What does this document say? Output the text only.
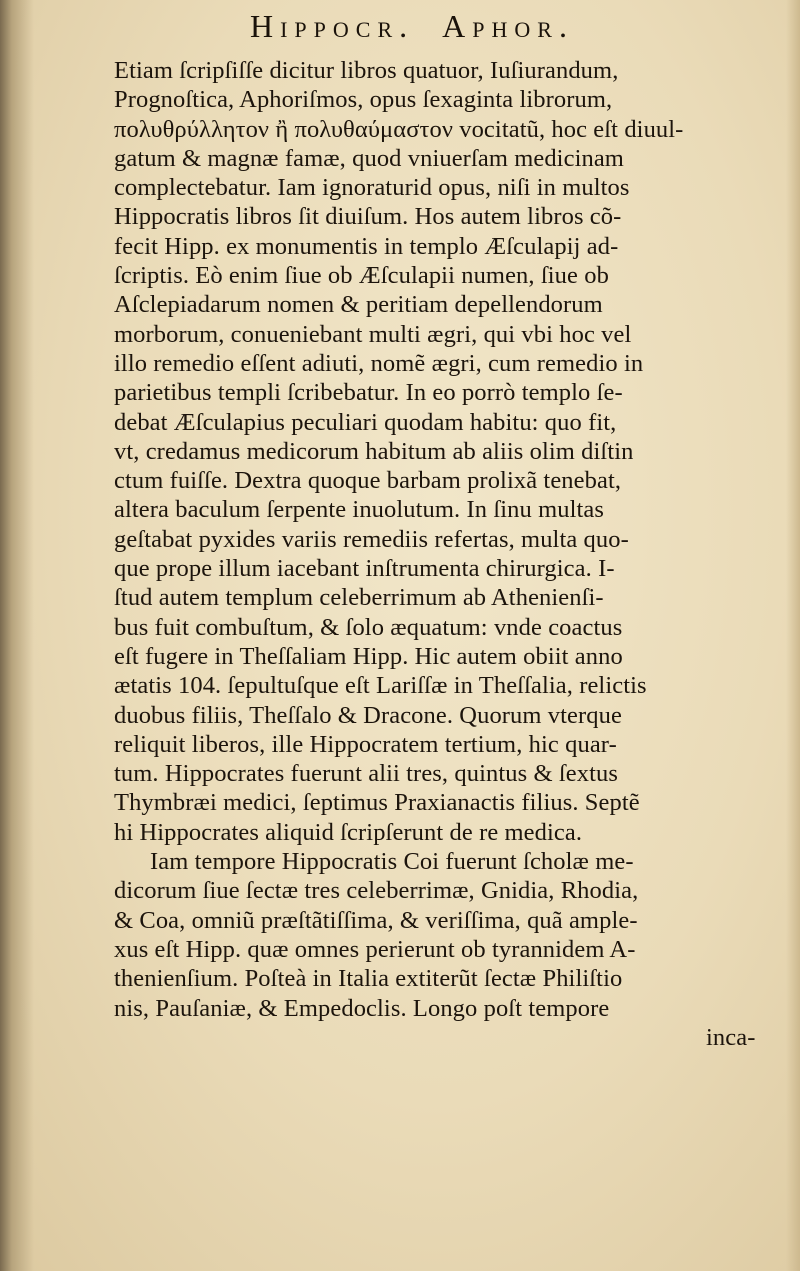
Hippocr. Aphor.
Etiam ſcripſiſſe dicitur libros quatuor, Iuſiurandum,
Prognoſtica, Aphoriſmos, opus ſexaginta librorum,
πολυθρύλλητον ἢ πολυθαύμαστον vocitatũ, hoc eſt diuul-
gatum & magnæ famæ, quod vniuerſam medicinam
complectebatur. Iam ignoraturid opus, niſi in multos
Hippocratis libros ſit diuiſum. Hos autem libros cõ-
fecit Hipp. ex monumentis in templo Æſculapij ad-
ſcriptis. Eò enim ſiue ob Æſculapii numen, ſiue ob
Aſclepiadarum nomen & peritiam depellendorum
morborum, conueniebant multi ægri, qui vbi hoc vel
illo remedio eſſent adiuti, nomẽ ægri, cum remedio in
parietibus templi ſcribebatur. In eo porrò templo ſe-
debat Æſculapius peculiari quodam habitu: quo fit,
vt, credamus medicorum habitum ab aliis olim diſtin
ctum fuiſſe. Dextra quoque barbam prolixã tenebat,
altera baculum ſerpente inuolutum. In ſinu multas
geſtabat pyxides variis remediis refertas, multa quo-
que prope illum iacebant inſtrumenta chirurgica. I-
ſtud autem templum celeberrimum ab Athenienſi-
bus fuit combuſtum, & ſolo æquatum: vnde coactus
eſt fugere in Theſſaliam Hipp. Hic autem obiit anno
ætatis 104. ſepultuſque eſt Lariſſæ in Theſſalia, relictis
duobus filiis, Theſſalo & Dracone. Quorum vterque
reliquit liberos, ille Hippocratem tertium, hic quar-
tum. Hippocrates fuerunt alii tres, quintus & ſextus
Thymbræi medici, ſeptimus Praxianactis filius. Septẽ
hi Hippocrates aliquid ſcripſerunt de re medica.
Iam tempore Hippocratis Coi fuerunt ſcholæ me-
dicorum ſiue ſectæ tres celeberrimæ, Gnidia, Rhodia,
& Coa, omniũ præſtãtiſſima, & veriſſima, quã ample-
xus eſt Hipp. quæ omnes perierunt ob tyrannidem A-
thenienſium. Poſteà in Italia extiterũt ſectæ Philiſtio
nis, Pauſaniæ, & Empedoclis. Longo poſt tempore
inca-
